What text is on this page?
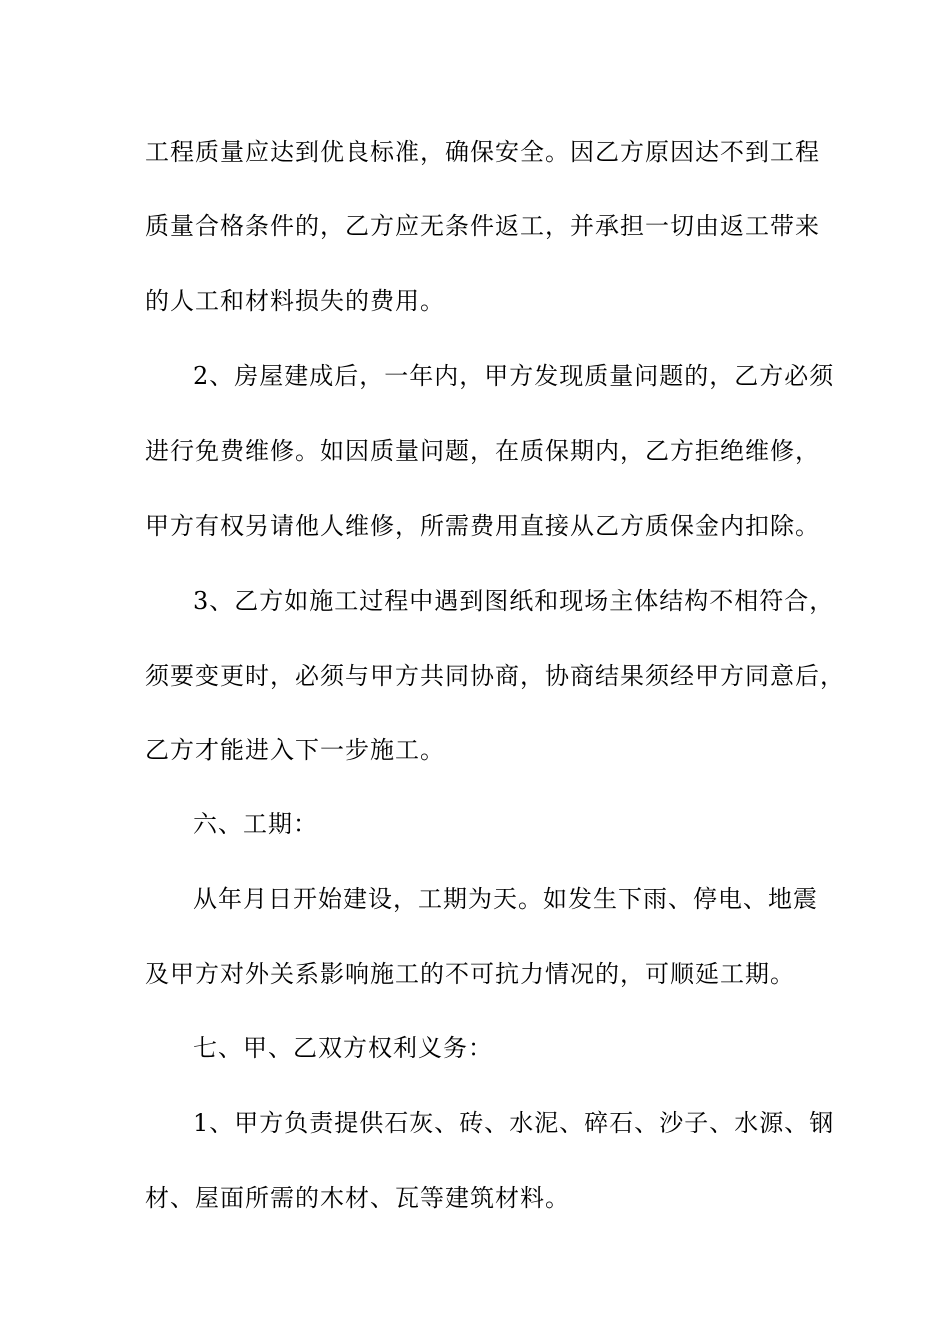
工程质量应达到优良标准，确保安全。因乙方原因达不到工程
质量合格条件的，乙方应无条件返工，并承担一切由返工带来
的人工和材料损失的费用。
2、房屋建成后，一年内，甲方发现质量问题的，乙方必须
进行免费维修。如因质量问题，在质保期内，乙方拒绝维修，
甲方有权另请他人维修，所需费用直接从乙方质保金内扣除。
3、乙方如施工过程中遇到图纸和现场主体结构不相符合，
须要变更时，必须与甲方共同协商，协商结果须经甲方同意后，
乙方才能进入下一步施工。
六、工期：
从年月日开始建设，工期为天。如发生下雨、停电、地震
及甲方对外关系影响施工的不可抗力情况的，可顺延工期。
七、甲、乙双方权利义务：
1、甲方负责提供石灰、砖、水泥、碎石、沙子、水源、钢
材、屋面所需的木材、瓦等建筑材料。
